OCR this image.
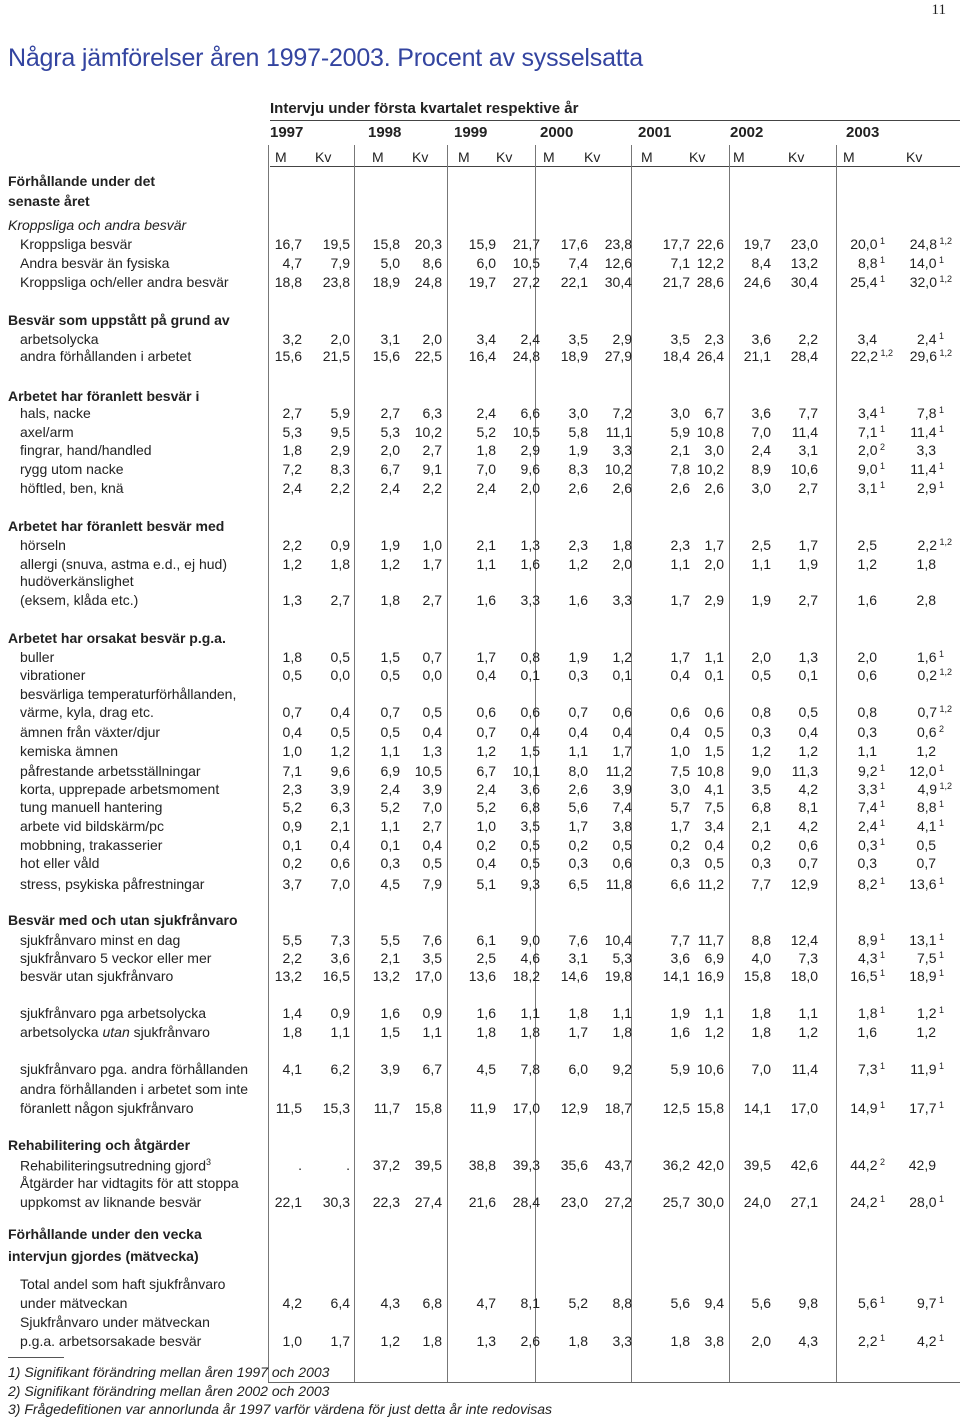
11
Några jämförelser åren 1997-2003. Procent av sysselsatta
Intervju under första kvartalet respektive år
1997	1998	1999	2000	2001	2002	2003
M Kv	M Kv M Kv M Kv	M	Kv M	Kv	M	Kv
Förhållande under det
senaste året
Kroppsliga och andra besvär
Kroppsliga besvär	16,7	19,5	15,8	20,3	15,9	21,7	17,6	23,8	17,7 22,6	19,7	23,0	20,0 $^1$	24,8 $^{1,2}$
Andra besvär än fysiska	4,7	7,9	5,0	8,6	6,0	10,5	7,4	12,6	7,1 12,2	8,4	13,2	8,8 $^1$	14,0 $^1$
Kroppsliga och/eller andra besvär	18,8	23,8	18,9	24,8	19,7	27,2	22,1	30,4	21,7 28,6	24,6	30,4	25,4 $^1$	32,0 $^{1,2}$
Besvär som uppstått på grund av
arbetsolycka	3,2	2,0	3,1	2,0	3,4	2,4	3,5	2,9	3,5	2,3	3,6	2,2	3,4	2,4 $^1$
andra förhållanden i arbetet	15,6	21,5	15,6	22,5	16,4	24,8	18,9	27,9	18,4 26,4	21,1	28,4	22,2 $^{1,2}$	29,6 $^{1,2}$
Arbetet har föranlett besvär i
hals, nacke	2,7	5,9	2,7	6,3	2,4	6,6	3,0	7,2	3,0	6,7	3,6	7,7	3,4 $^1$	7,8 $^1$
axel/arm	5,3	9,5	5,3	10,2	5,2	10,5	5,8	11,1	5,9 10,8	7,0	11,4	7,1 $^1$	11,4 $^1$
fingrar, hand/handled	1,8	2,9	2,0	2,7	1,8	2,9	1,9	3,3	2,1	3,0	2,4	3,1	2,0 $^2$	3,3
rygg utom nacke	7,2	8,3	6,7	9,1	7,0	9,6	8,3	10,2	7,8 10,2	8,9	10,6	9,0 $^1$	11,4 $^1$
höftled, ben, knä	2,4	2,2	2,4	2,2	2,4	2,0	2,6	2,6	2,6	2,6	3,0	2,7	3,1 $^1$	2,9 $^1$
Arbetet har föranlett besvär med
hörseln	2,2	0,9	1,9	1,0	2,1	1,3	2,3	1,8	2,3	1,7	2,5	1,7	2,5	2,2 $^{1,2}$
allergi (snuva, astma e.d., ej hud)	1,2	1,8	1,2	1,7	1,1	1,6	1,2	2,0	1,1	2,0	1,1	1,9	1,2	1,8
hudöverkänslighet
(eksem, klåda etc.)	1,3	2,7	1,8	2,7	1,6	3,3	1,6	3,3	1,7	2,9	1,9	2,7	1,6	2,8
Arbetet har orsakat besvär p.g.a.
buller	1,8	0,5	1,5	0,7	1,7	0,8	1,9	1,2	1,7	1,1	2,0	1,3	2,0	1,6 $^1$
vibrationer	0,5	0,0	0,5	0,0	0,4	0,1	0,3	0,1	0,4	0,1	0,5	0,1	0,6	0,2 $^{1,2}$
besvärliga temperaturförhållanden,
värme, kyla, drag etc.	0,7	0,4	0,7	0,5	0,6	0,6	0,7	0,6	0,6	0,6	0,8	0,5	0,8	0,7 $^{1,2}$
ämnen från växter/djur	0,4	0,5	0,5	0,4	0,7	0,4	0,4	0,4	0,4	0,5	0,3	0,4	0,3	0,6 $^2$
kemiska ämnen	1,0	1,2	1,1	1,3	1,2	1,5	1,1	1,7	1,0	1,5	1,2	1,2	1,1	1,2
påfrestande arbetsställningar	7,1	9,6	6,9	10,5	6,7	10,1	8,0	11,2	7,5 10,8	9,0	11,3	9,2 $^1$	12,0 $^1$
korta, upprepade arbetsmoment	2,3	3,9	2,4	3,9	2,4	3,6	2,6	3,9	3,0	4,1	3,5	4,2	3,3 $^1$	4,9 $^{1,2}$
tung manuell hantering	5,2	6,3	5,2	7,0	5,2	6,8	5,6	7,4	5,7	7,5	6,8	8,1	7,4 $^1$	8,8 $^1$
arbete vid bildskärm/pc	0,9	2,1	1,1	2,7	1,0	3,5	1,7	3,8	1,7	3,4	2,1	4,2	2,4 $^1$	4,1 $^1$
mobbning, trakasserier	0,1	0,4	0,1	0,4	0,2	0,5	0,2	0,5	0,2	0,4	0,2	0,6	0,3 $^1$	0,5
hot eller våld	0,2	0,6	0,3	0,5	0,4	0,5	0,3	0,6	0,3	0,5	0,3	0,7	0,3	0,7
stress, psykiska påfrestningar	3,7	7,0	4,5	7,9	5,1	9,3	6,5	11,8	6,6 11,2	7,7	12,9	8,2 $^1$	13,6 $^1$
Besvär med och utan sjukfrånvaro
sjukfrånvaro minst en dag	5,5	7,3	5,5	7,6	6,1	9,0	7,6	10,4	7,7 11,7	8,8	12,4	8,9 $^1$	13,1 $^1$
sjukfrånvaro 5 veckor eller mer	2,2	3,6	2,1	3,5	2,5	4,6	3,1	5,3	3,6	6,9	4,0	7,3	4,3 $^1$	7,5 $^1$
besvär utan sjukfrånvaro	13,2	16,5	13,2	17,0	13,6	18,2	14,6	19,8	14,1 16,9	15,8	18,0	16,5 $^1$	18,9 $^1$
sjukfrånvaro pga arbetsolycka	1,4	0,9	1,6	0,9	1,6	1,1	1,8	1,1	1,9	1,1	1,8	1,1	1,8 $^1$	1,2 $^1$
arbetsolycka utan sjukfrånvaro	1,8	1,1	1,5	1,1	1,8	1,8	1,7	1,8	1,6	1,2	1,8	1,2	1,6	1,2
sjukfrånvaro pga. andra förhållanden	4,1	6,2	3,9	6,7	4,5	7,8	6,0	9,2	5,9 10,6	7,0	11,4	7,3 $^1$	11,9 $^1$
andra förhållanden i arbetet som inte
föranlett någon sjukfrånvaro	11,5	15,3	11,7	15,8	11,9	17,0	12,9	18,7	12,5 15,8	14,1	17,0	14,9 $^1$	17,7 $^1$
Rehabilitering och åtgärder
Rehabiliteringsutredning gjord$^3$	.	.	37,2	39,5	38,8	39,3	35,6	43,7	36,2 42,0	39,5	42,6	44,2 $^2$	42,9
Åtgärder har vidtagits för att stoppa
uppkomst av liknande besvär	22,1	30,3	22,3	27,4	21,6	28,4	23,0	27,2	25,7 30,0	24,0	27,1	24,2 $^1$	28,0 $^1$
Förhållande under den vecka
intervjun gjordes (mätvecka)
Total andel som haft sjukfrånvaro
under mätveckan	4,2	6,4	4,3	6,8	4,7	8,1	5,2	8,8	5,6	9,4	5,6	9,8	5,6 $^1$	9,7 $^1$
Sjukfrånvaro under mätveckan
p.g.a. arbetsorsakade besvär	1,0	1,7	1,2	1,8	1,3	2,6	1,8	3,3	1,8	3,8	2,0	4,3	2,2 $^1$	4,2 $^1$
1) Signifikant förändring mellan åren 1997 och 2003
2) Signifikant förändring mellan åren 2002 och 2003
3) Frågedefitionen var annorlunda år 1997 varför värdena för just detta år inte redovisas
